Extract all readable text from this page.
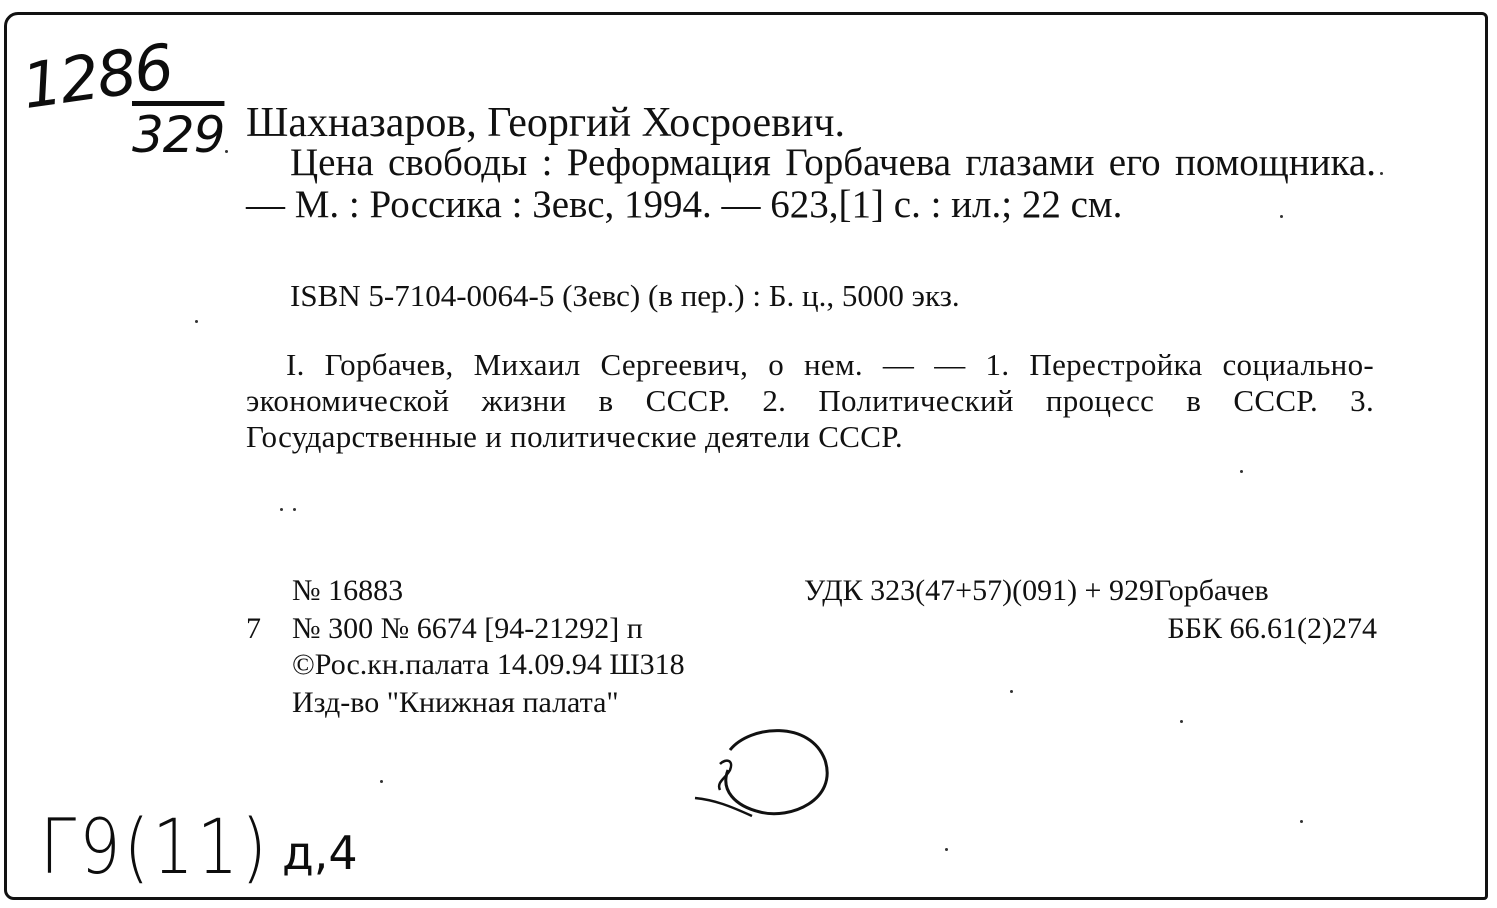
1286
329 Шахназаров, Георгий Хосроевич.
Цена свободы : Реформация Горбачева глазами его помощника. — М. : Россика : Зевс, 1994. — 623,[1] с. : ил.; 22 см.
ISBN 5-7104-0064-5 (Зевс) (в пер.) : Б. ц., 5000 экз.
I. Горбачев, Михаил Сергеевич, о нем. — — 1. Перестройка социально-экономической жизни в СССР. 2. Политический процесс в СССР. 3. Государственные и политические деятели СССР.
№ 16883
7 № 300 № 6674 [94-21292] п
©Рос.кн.палата 14.09.94 Ш318
Изд-во "Книжная палата"
УДК 323(47+57)(091) + 929Горбачев
ББК 66.61(2)274
Г9(11) д,4
